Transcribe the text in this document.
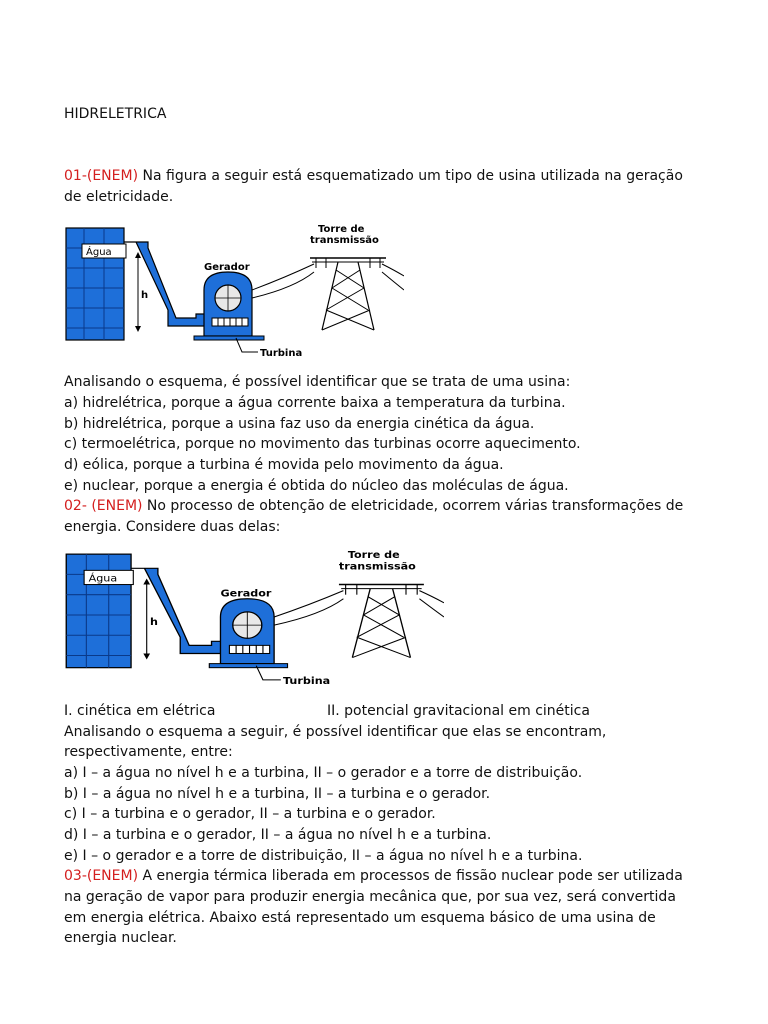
HIDRELETRICA
01-(ENEM) Na figura a seguir está esquematizado um tipo de usina utilizada na geração
de eletricidade.
h
Água
Gerador
Turbina
Torre de
transmissão
Analisando o esquema, é possível identificar que se trata de uma usina:
a) hidrelétrica, porque a água corrente baixa a temperatura da turbina.
b) hidrelétrica, porque a usina faz uso da energia cinética da água.
c) termoelétrica, porque no movimento das turbinas ocorre aquecimento.
d) eólica, porque a turbina é movida pelo movimento da água.
e) nuclear, porque a energia é obtida do núcleo das moléculas de água.
02- (ENEM) No processo de obtenção de eletricidade, ocorrem várias transformações de
energia. Considere duas delas:
h
Água
Gerador
Turbina
Torre de
transmissão
I. cinética em elétrica	II. potencial gravitacional em cinética
Analisando o esquema a seguir, é possível identificar que elas se encontram,
respectivamente, entre:
a) I – a água no nível h e a turbina, II – o gerador e a torre de distribuição.
b) I – a água no nível h e a turbina, II – a turbina e o gerador.
c) I – a turbina e o gerador, II – a turbina e o gerador.
d) I – a turbina e o gerador, II – a água no nível h e a turbina.
e) I – o gerador e a torre de distribuição, II – a água no nível h e a turbina.
03-(ENEM) A energia térmica liberada em processos de fissão nuclear pode ser utilizada
na geração de vapor para produzir energia mecânica que, por sua vez, será convertida
em energia elétrica. Abaixo está representado um esquema básico de uma usina de
energia nuclear.
